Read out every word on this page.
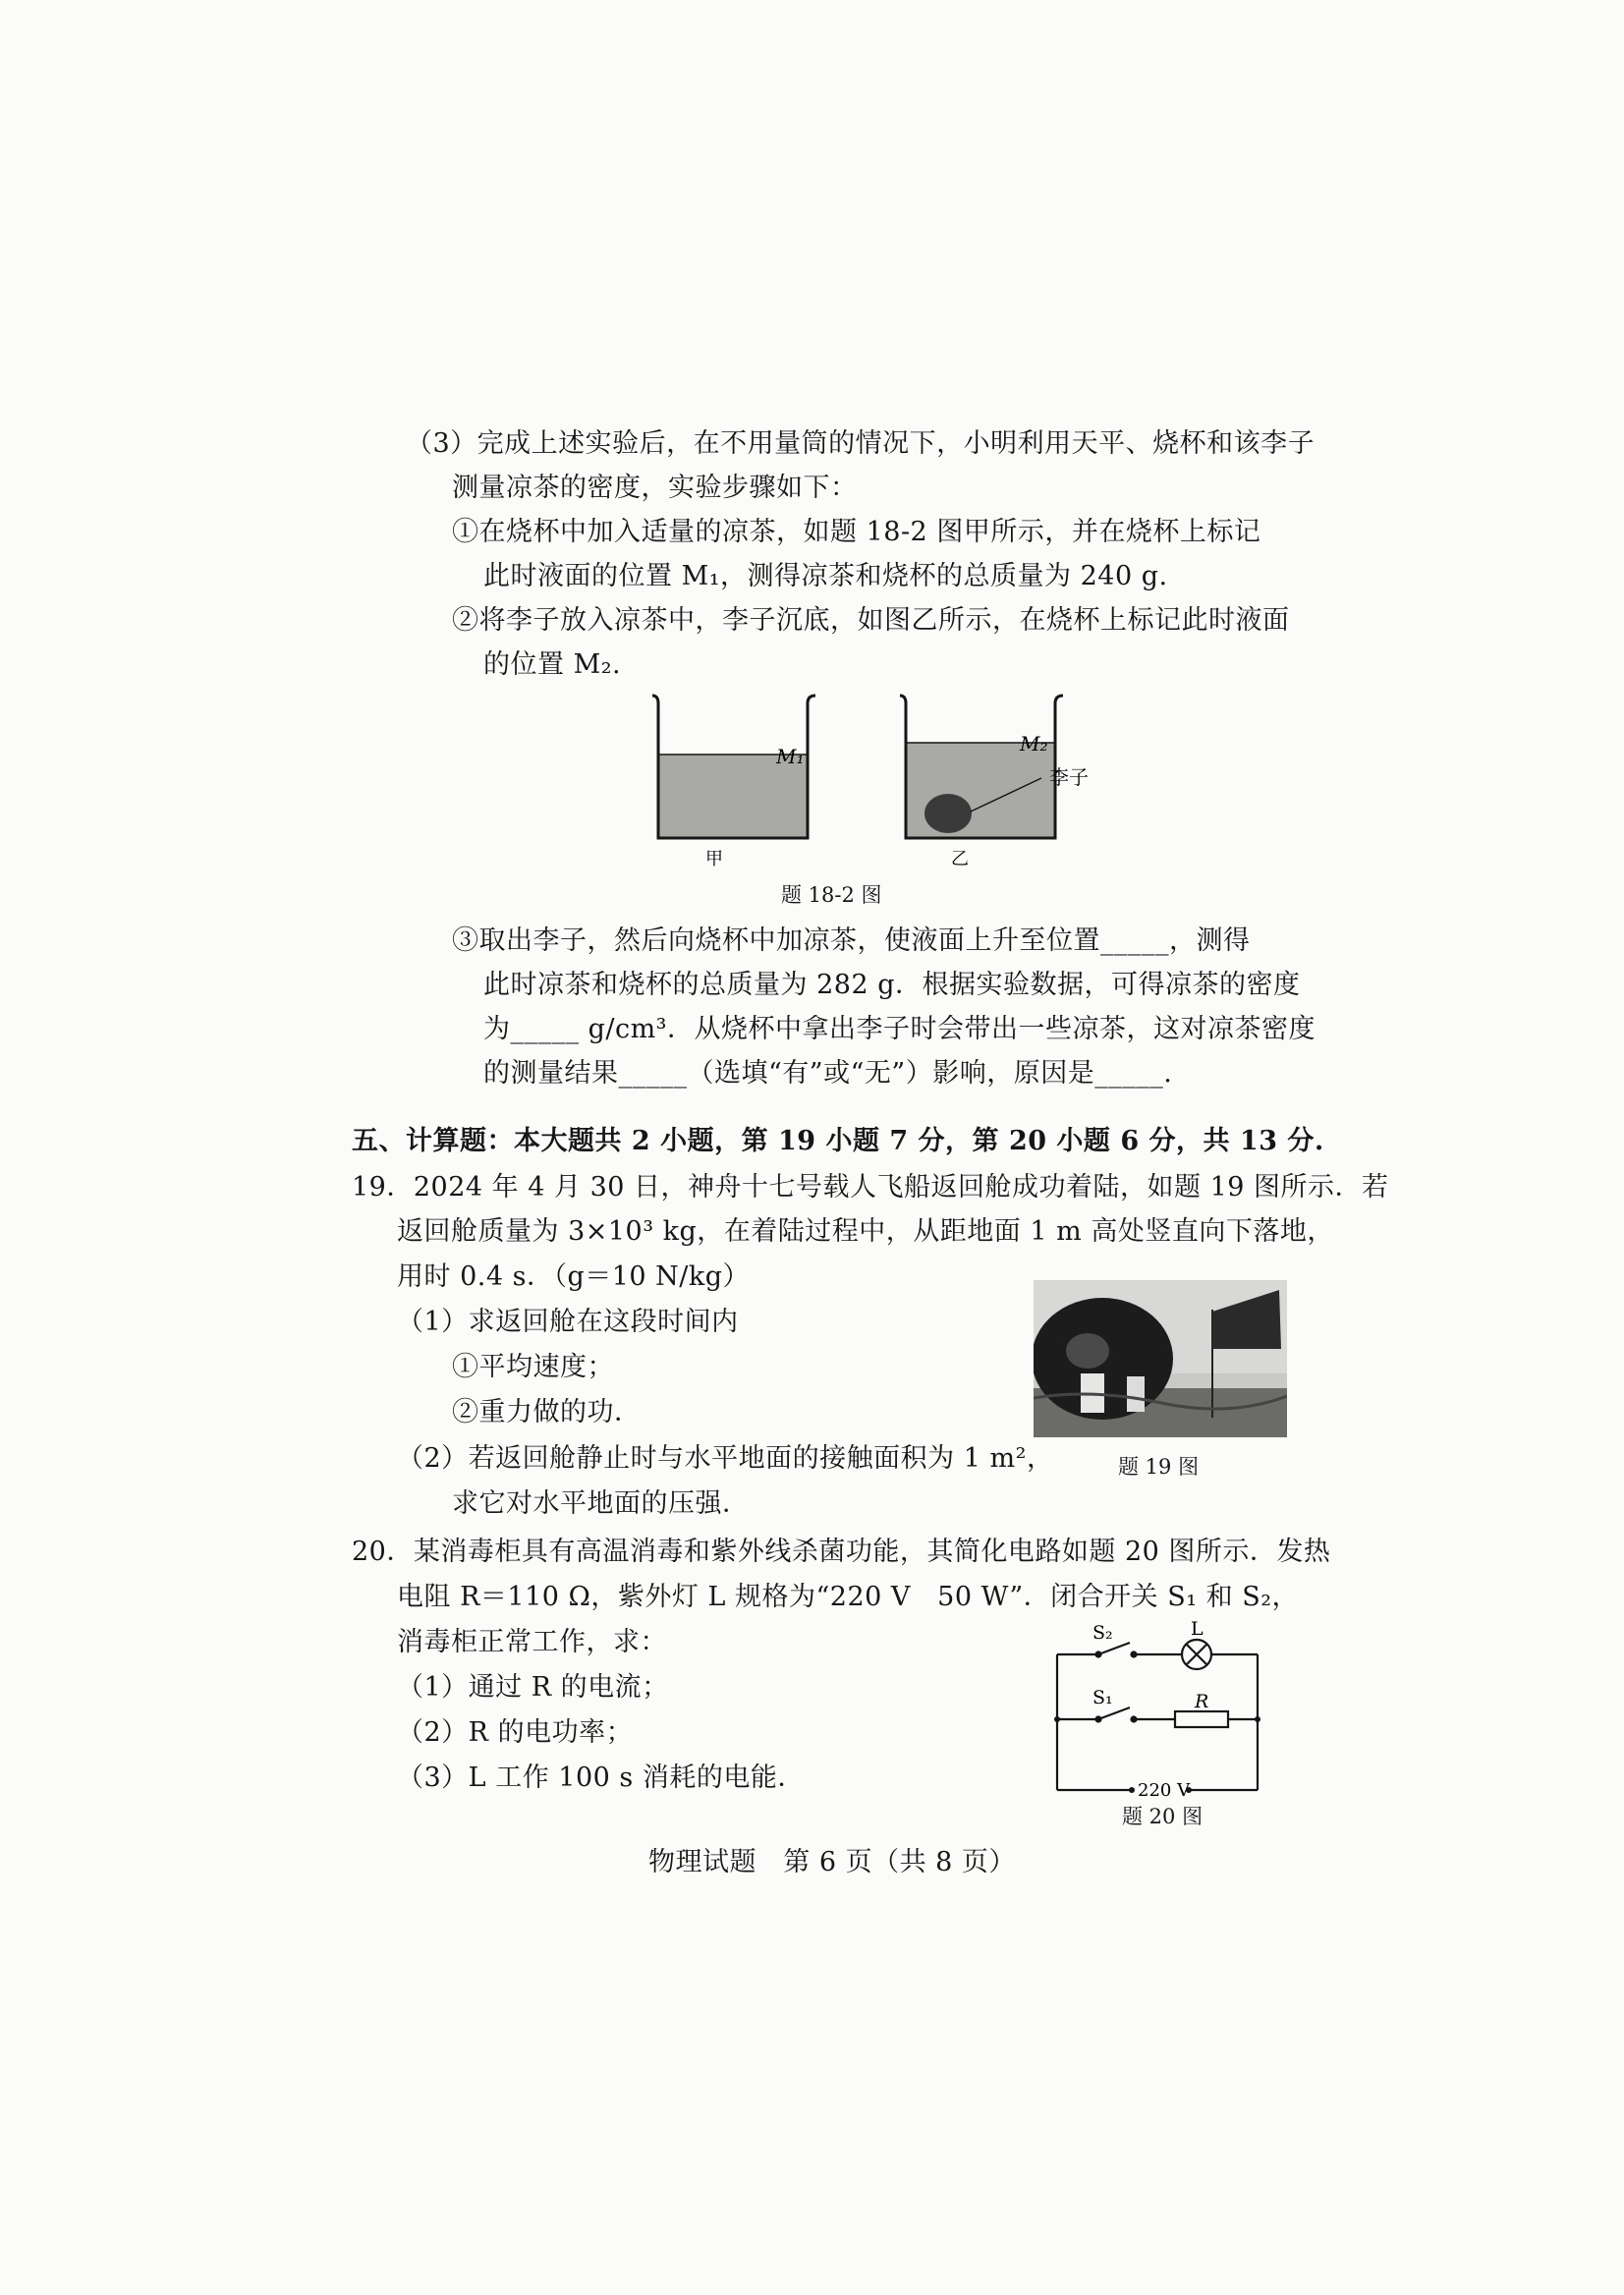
（3）完成上述实验后，在不用量筒的情况下，小明利用天平、烧杯和该李子
测量凉茶的密度，实验步骤如下：
①在烧杯中加入适量的凉茶，如题 18-2 图甲所示，并在烧杯上标记
此时液面的位置 M₁，测得凉茶和烧杯的总质量为 240 g.
②将李子放入凉茶中，李子沉底，如图乙所示，在烧杯上标记此时液面
的位置 M₂.
M₁
甲
M₂
李子
乙
题 18-2 图
③取出李子，然后向烧杯中加凉茶，使液面上升至位置_____，测得
此时凉茶和烧杯的总质量为 282 g．根据实验数据，可得凉茶的密度
为_____ g/cm³．从烧杯中拿出李子时会带出一些凉茶，这对凉茶密度
的测量结果_____（选填“有”或“无”）影响，原因是_____.
五、计算题：本大题共 2 小题，第 19 小题 7 分，第 20 小题 6 分，共 13 分.
19．2024 年 4 月 30 日，神舟十七号载人飞船返回舱成功着陆，如题 19 图所示．若
返回舱质量为 3×10³ kg，在着陆过程中，从距地面 1 m 高处竖直向下落地，
用时 0.4 s．（g＝10 N/kg）
（1）求返回舱在这段时间内
①平均速度；
②重力做的功．
（2）若返回舱静止时与水平地面的接触面积为 1 m²，
求它对水平地面的压强．
题 19 图
20．某消毒柜具有高温消毒和紫外线杀菌功能，其简化电路如题 20 图所示．发热
电阻 R＝110 Ω，紫外灯 L 规格为“220 V   50 W”．闭合开关 S₁ 和 S₂，
消毒柜正常工作，求：
（1）通过 R 的电流；
（2）R 的电功率；
（3）L 工作 100 s 消耗的电能．
S₂	L
S₁	R
220 V
题 20 图
物理试题   第 6 页（共 8 页）
